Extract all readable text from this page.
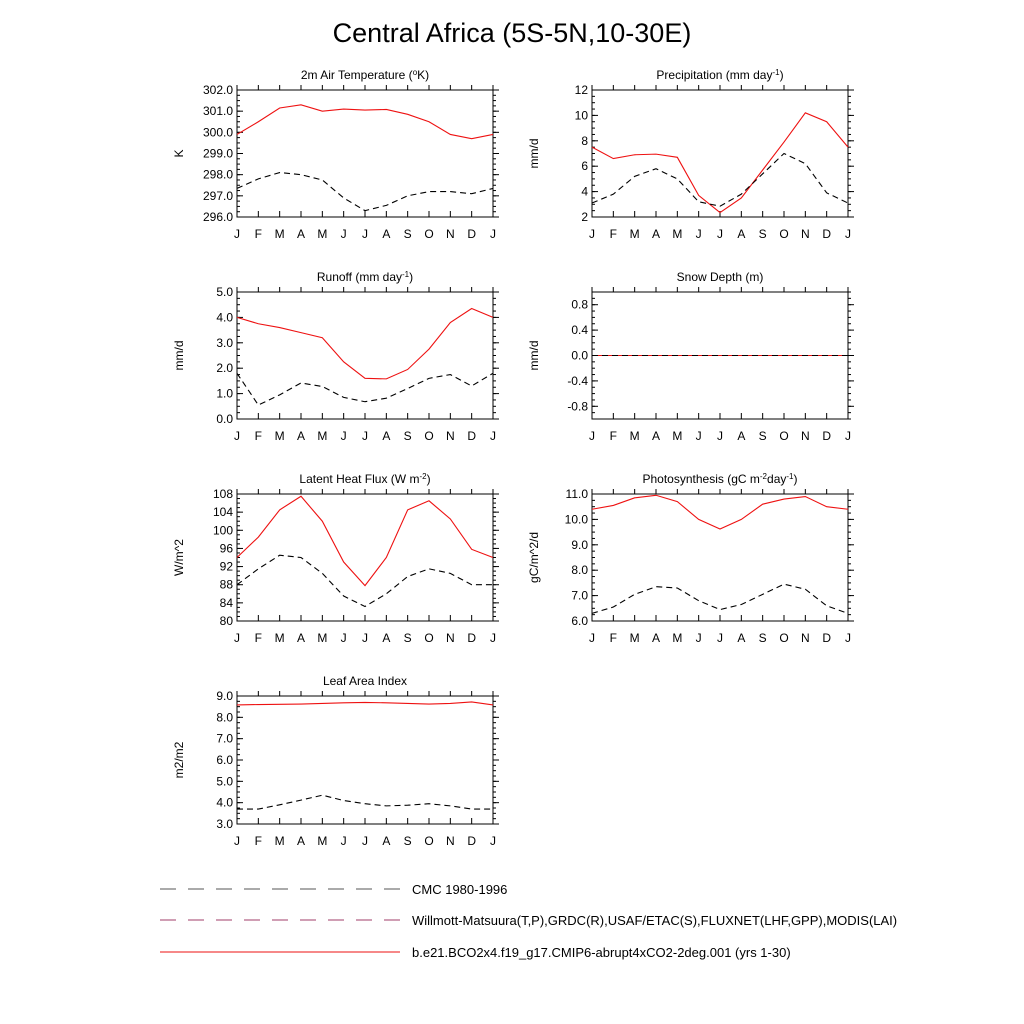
Central Africa (5S-5N,10-30E)
J F M A M J J A S O N D J
296.0
297.0
298.0
299.0
300.0
301.0
302.0
K
2m Air Temperature ($^o$K)
J F M A M J J A S O N D J
2
4
6
8
10
12
mm/d
Precipitation (mm day$^{-1}$)
J F M A M J J A S O N D J
0.0
1.0
2.0
3.0
4.0
5.0
mm/d
Runoff (mm day$^{-1}$)
J F M A M J J A S O N D J
-0.8
-0.4
0.0
0.4
0.8
mm/d
Snow Depth (m)
J F M A M J J A S O N D J
80
84
88
92
96
100
104
108
W/m^2
Latent Heat Flux (W $m^{-2}$)
J F M A M J J A S O N D J
6.0
7.0
8.0
9.0
10.0
11.0
gC/m^2/d
Photosynthesis (gC $m^{-2}day^{-1}$)
J F M A M J J A S O N D J
3.0
4.0
5.0
6.0
7.0
8.0
9.0
m2/m2
Leaf Area Index
CMC 1980-1996
Willmott-Matsuura(T,P),GRDC(R),USAF/ETAC(S),FLUXNET(LHF,GPP),MODIS(LAI)
b.e21.BCO2x4.f19_g17.CMIP6-abrupt4xCO2-2deg.001 (yrs 1-30)
